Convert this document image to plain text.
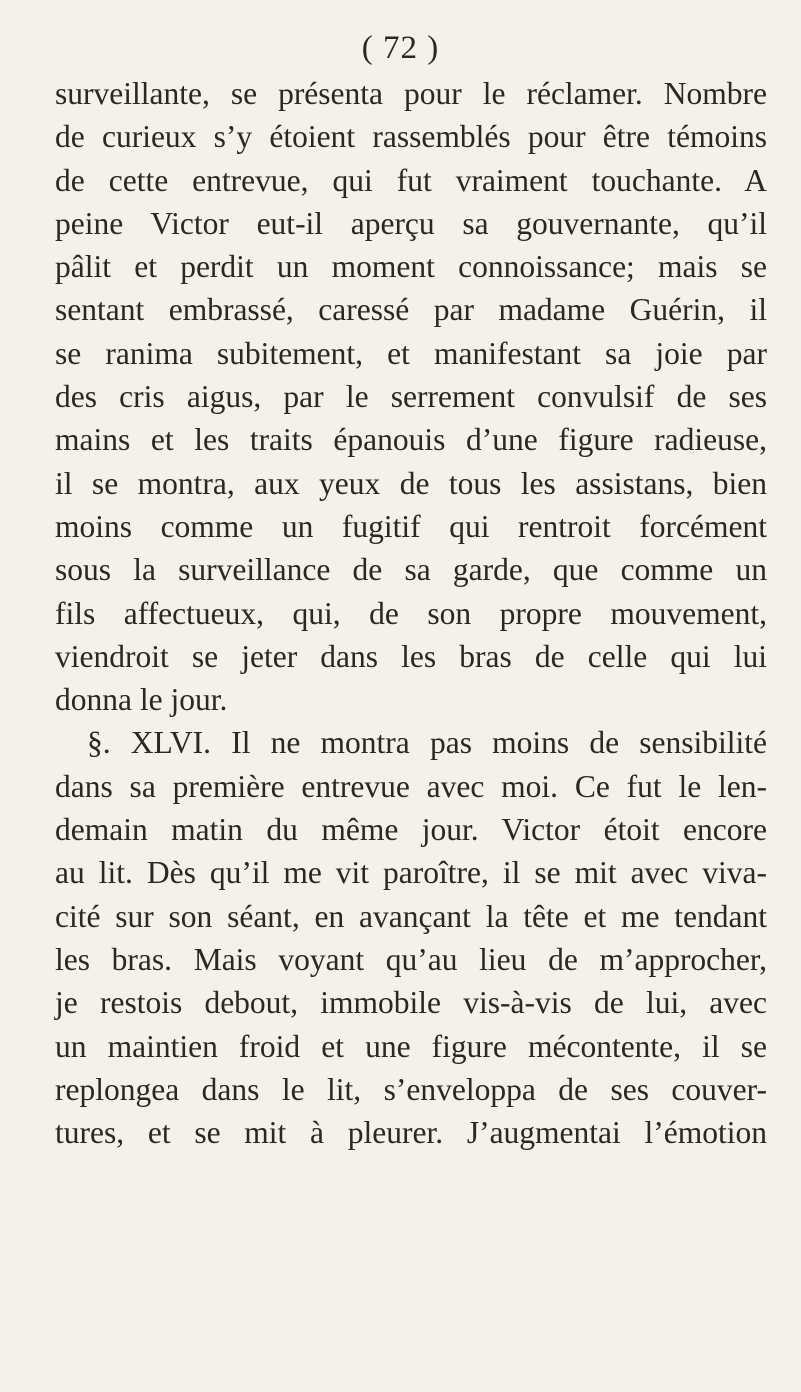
( 72 )
surveillante, se présenta pour le réclamer. Nombre
de curieux s’y étoient rassemblés pour être témoins
de cette entrevue, qui fut vraiment touchante. A
peine Victor eut-il aperçu sa gouvernante, qu’il
pâlit et perdit un moment connoissance; mais se
sentant embrassé, caressé par madame Guérin, il
se ranima subitement, et manifestant sa joie par
des cris aigus, par le serrement convulsif de ses
mains et les traits épanouis d’une figure radieuse,
il se montra, aux yeux de tous les assistans, bien
moins comme un fugitif qui rentroit forcément
sous la surveillance de sa garde, que comme un
fils affectueux, qui, de son propre mouvement,
viendroit se jeter dans les bras de celle qui lui
donna le jour.
§. XLVI. Il ne montra pas moins de sensibilité
dans sa première entrevue avec moi. Ce fut le len-
demain matin du même jour. Victor étoit encore
au lit. Dès qu’il me vit paroître, il se mit avec viva-
cité sur son séant, en avançant la tête et me tendant
les bras. Mais voyant qu’au lieu de m’approcher,
je restois debout, immobile vis-à-vis de lui, avec
un maintien froid et une figure mécontente, il se
replongea dans le lit, s’enveloppa de ses couver-
tures, et se mit à pleurer. J’augmentai l’émotion
